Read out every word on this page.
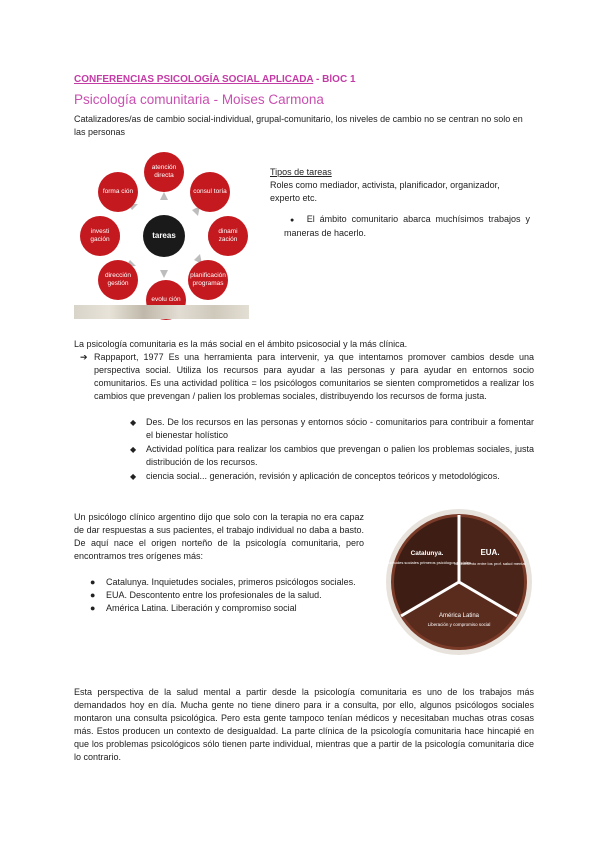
CONFERENCIAS PSICOLOGÍA SOCIAL APLICADA - BlOC 1
Psicología comunitaria - Moises Carmona
Catalizadores/as de cambio social-individual, grupal-comunitario, los niveles de cambio no se centran no solo en las personas
tareas
atención directa
consul toría
dinami zación
planificación programas
evolu ción
dirección gestión
investi gación
forma ción
Tipos de tareas
Roles como mediador, activista, planificador, organizador, experto etc.
● El ámbito comunitario abarca muchísimos trabajos y maneras de hacerlo.
La psicología comunitaria es la más social en el ámbito psicosocial y la más clínica.
➔ Rappaport, 1977 Es una herramienta para intervenir, ya que intentamos promover cambios desde una perspectiva social. Utiliza los recursos para ayudar a las personas y para ayudar en entornos socio comunitarios. Es una actividad política = los psicólogos comunitarios se sienten comprometidos a realizar los cambios que prevengan / palien los problemas sociales, distribuyendo los recursos de forma justa.
◆ Des. De los recursos en las personas y entornos sócio - comunitarios para contribuir a fomentar el bienestar holístico
◆ Actividad política para realizar los cambios que prevengan o palien los problemas sociales, justa distribución de los recursos.
◆ ciencia social... generación, revisión y aplicación de conceptos teóricos y metodológicos.
Un psicólogo clínico argentino dijo que solo con la terapia no era capaz de dar respuestas a sus pacientes, el trabajo individual no daba a basto. De aquí nace el origen norteño de la psicología comunitaria, pero encontramos tres orígenes más:
● Catalunya. Inquietudes sociales, primeros psicólogos sociales.
● EUA. Descontento entre los profesionales de la salud.
● América Latina. Liberación y compromiso social
Catalunya.
inquietudes sociales primeros psicólogos sociales
EUA.
descontento entre los prof. salud mental
América Latina
Liberación y compromiso social
Esta perspectiva de la salud mental a partir desde la psicología comunitaria es uno de los trabajos más demandados hoy en día. Mucha gente no tiene dinero para ir a consulta, por ello, algunos psicólogos sociales montaron una consulta psicológica. Pero esta gente tampoco tenían médicos y necesitaban muchas otras cosas más. Estos producen un contexto de desigualdad. La parte clínica de la psicología comunitaria hace hincapié en que los problemas psicológicos sólo tienen parte individual, mientras que a partir de la psicología comunitaria dice lo contrario.
